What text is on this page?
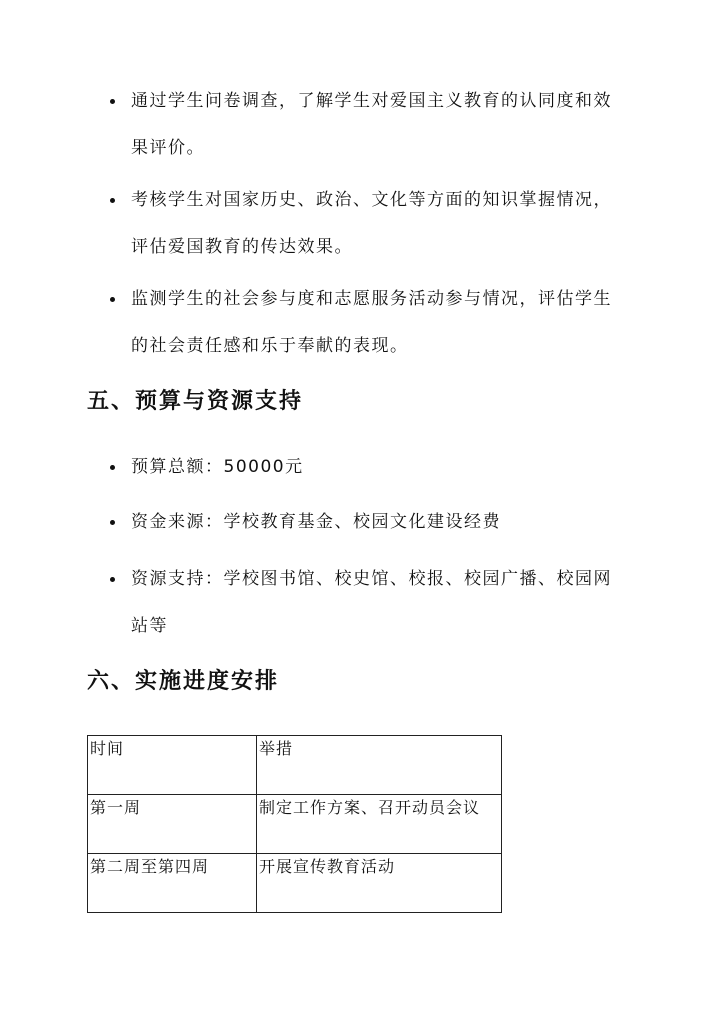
通过学生问卷调查，了解学生对爱国主义教育的认同度和效果评价。
考核学生对国家历史、政治、文化等方面的知识掌握情况，评估爱国教育的传达效果。
监测学生的社会参与度和志愿服务活动参与情况，评估学生的社会责任感和乐于奉献的表现。
五、预算与资源支持
预算总额：50000元
资金来源：学校教育基金、校园文化建设经费
资源支持：学校图书馆、校史馆、校报、校园广播、校园网站等
六、实施进度安排
时间	举措
第一周	制定工作方案、召开动员会议
第二周至第四周	开展宣传教育活动
